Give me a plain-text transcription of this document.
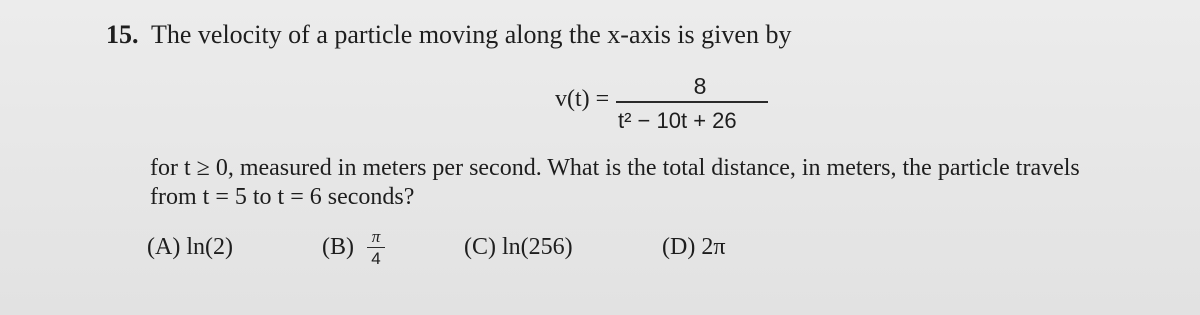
15. The velocity of a particle moving along the x-axis is given by
v(t) =	8
t² − 10t + 26
for t ≥ 0, measured in meters per second. What is the total distance, in meters, the particle travels
from t = 5 to t = 6 seconds?
(A) ln(2)	(B)	π
4	(C) ln(256)	(D) 2π
